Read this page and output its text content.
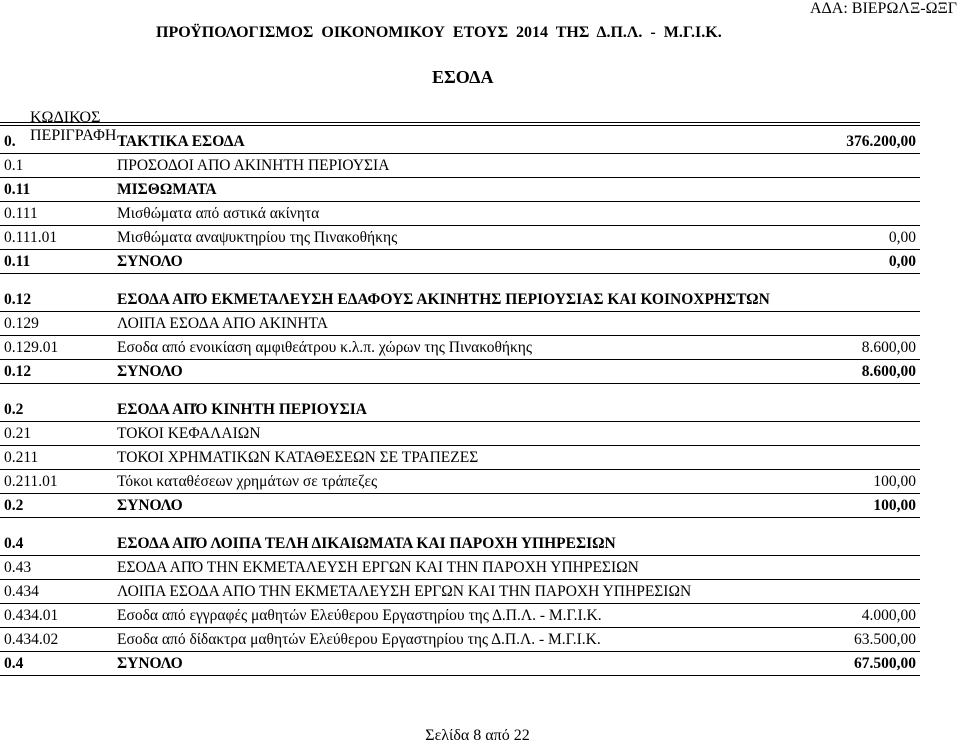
ΑΔΑ: ΒΙΕΡΩΛΞ-ΩΞΓ
ΠΡΟΫΠΟΛΟΓΙΣΜΟΣ  ΟΙΚΟΝΟΜΙΚΟΥ  ΕΤΟΥΣ  2014  ΤΗΣ  Δ.Π.Λ.  -  Μ.Γ.Ι.Κ.
ΕΣΟΔΑ

ΚΩΔΙΚΟΣ
ΠΕΡΙΓΡΑΦΗ

0.	ΤΑΚΤΙΚΑ ΕΣΟΔΑ	376.200,00
0.1	ΠΡΟΣΟΔΟΙ ΑΠΟ ΑΚΙΝΗΤΗ ΠΕΡΙΟΥΣΙΑ
0.11	ΜΙΣΘΩΜΑΤΑ
0.111	Μισθώματα από αστικά ακίνητα
0.111.01	Μισθώματα αναψυκτηρίου της Πινακοθήκης	0,00
0.11	ΣΥΝΟΛΟ	0,00
0.12	ΕΣΟΔΑ ΑΠΌ ΕΚΜΕΤΑΛΕΥΣΗ ΕΔΑΦΟΥΣ ΑΚΙΝΗΤΗΣ ΠΕΡΙΟΥΣΙΑΣ ΚΑΙ ΚΟΙΝΟΧΡΗΣΤΩΝ
0.129	ΛΟΙΠΑ ΕΣΟΔΑ ΑΠΟ ΑΚΙΝΗΤΑ
0.129.01	Εσοδα από ενοικίαση αμφιθεάτρου κ.λ.π. χώρων της Πινακοθήκης	8.600,00
0.12	ΣΥΝΟΛΟ	8.600,00
0.2	ΕΣΟΔΑ ΑΠΌ ΚΙΝΗΤΗ ΠΕΡΙΟΥΣΙΑ
0.21	ΤΟΚΟΙ ΚΕΦΑΛΑΙΩΝ
0.211	ΤΟΚΟΙ ΧΡΗΜΑΤΙΚΩΝ ΚΑΤΑΘΕΣΕΩΝ ΣΕ ΤΡΑΠΕΖΕΣ
0.211.01	Τόκοι καταθέσεων χρημάτων σε τράπεζες	100,00
0.2	ΣΥΝΟΛΟ	100,00
0.4	ΕΣΟΔΑ ΑΠΌ ΛΟΙΠΑ ΤΕΛΗ ΔΙΚΑΙΩΜΑΤΑ ΚΑΙ ΠΑΡΟΧΗ ΥΠΗΡΕΣΙΩΝ
0.43	ΕΣΟΔΑ ΑΠΌ ΤΗΝ ΕΚΜΕΤΑΛΕΥΣΗ ΕΡΓΩΝ ΚΑΙ ΤΗΝ ΠΑΡΟΧΗ ΥΠΗΡΕΣΙΩΝ
0.434	ΛΟΙΠΑ ΕΣΟΔΑ ΑΠΟ ΤΗΝ ΕΚΜΕΤΑΛΕΥΣΗ ΕΡΓΩΝ ΚΑΙ ΤΗΝ ΠΑΡΟΧΗ ΥΠΗΡΕΣΙΩΝ
0.434.01	Εσοδα από εγγραφές μαθητών Ελεύθερου Εργαστηρίου της Δ.Π.Λ. - Μ.Γ.Ι.Κ.	4.000,00
0.434.02	Εσοδα από δίδακτρα μαθητών Ελεύθερου Εργαστηρίου της Δ.Π.Λ. - Μ.Γ.Ι.Κ.	63.500,00
0.4	ΣΥΝΟΛΟ	67.500,00
Σελίδα 8 από 22
